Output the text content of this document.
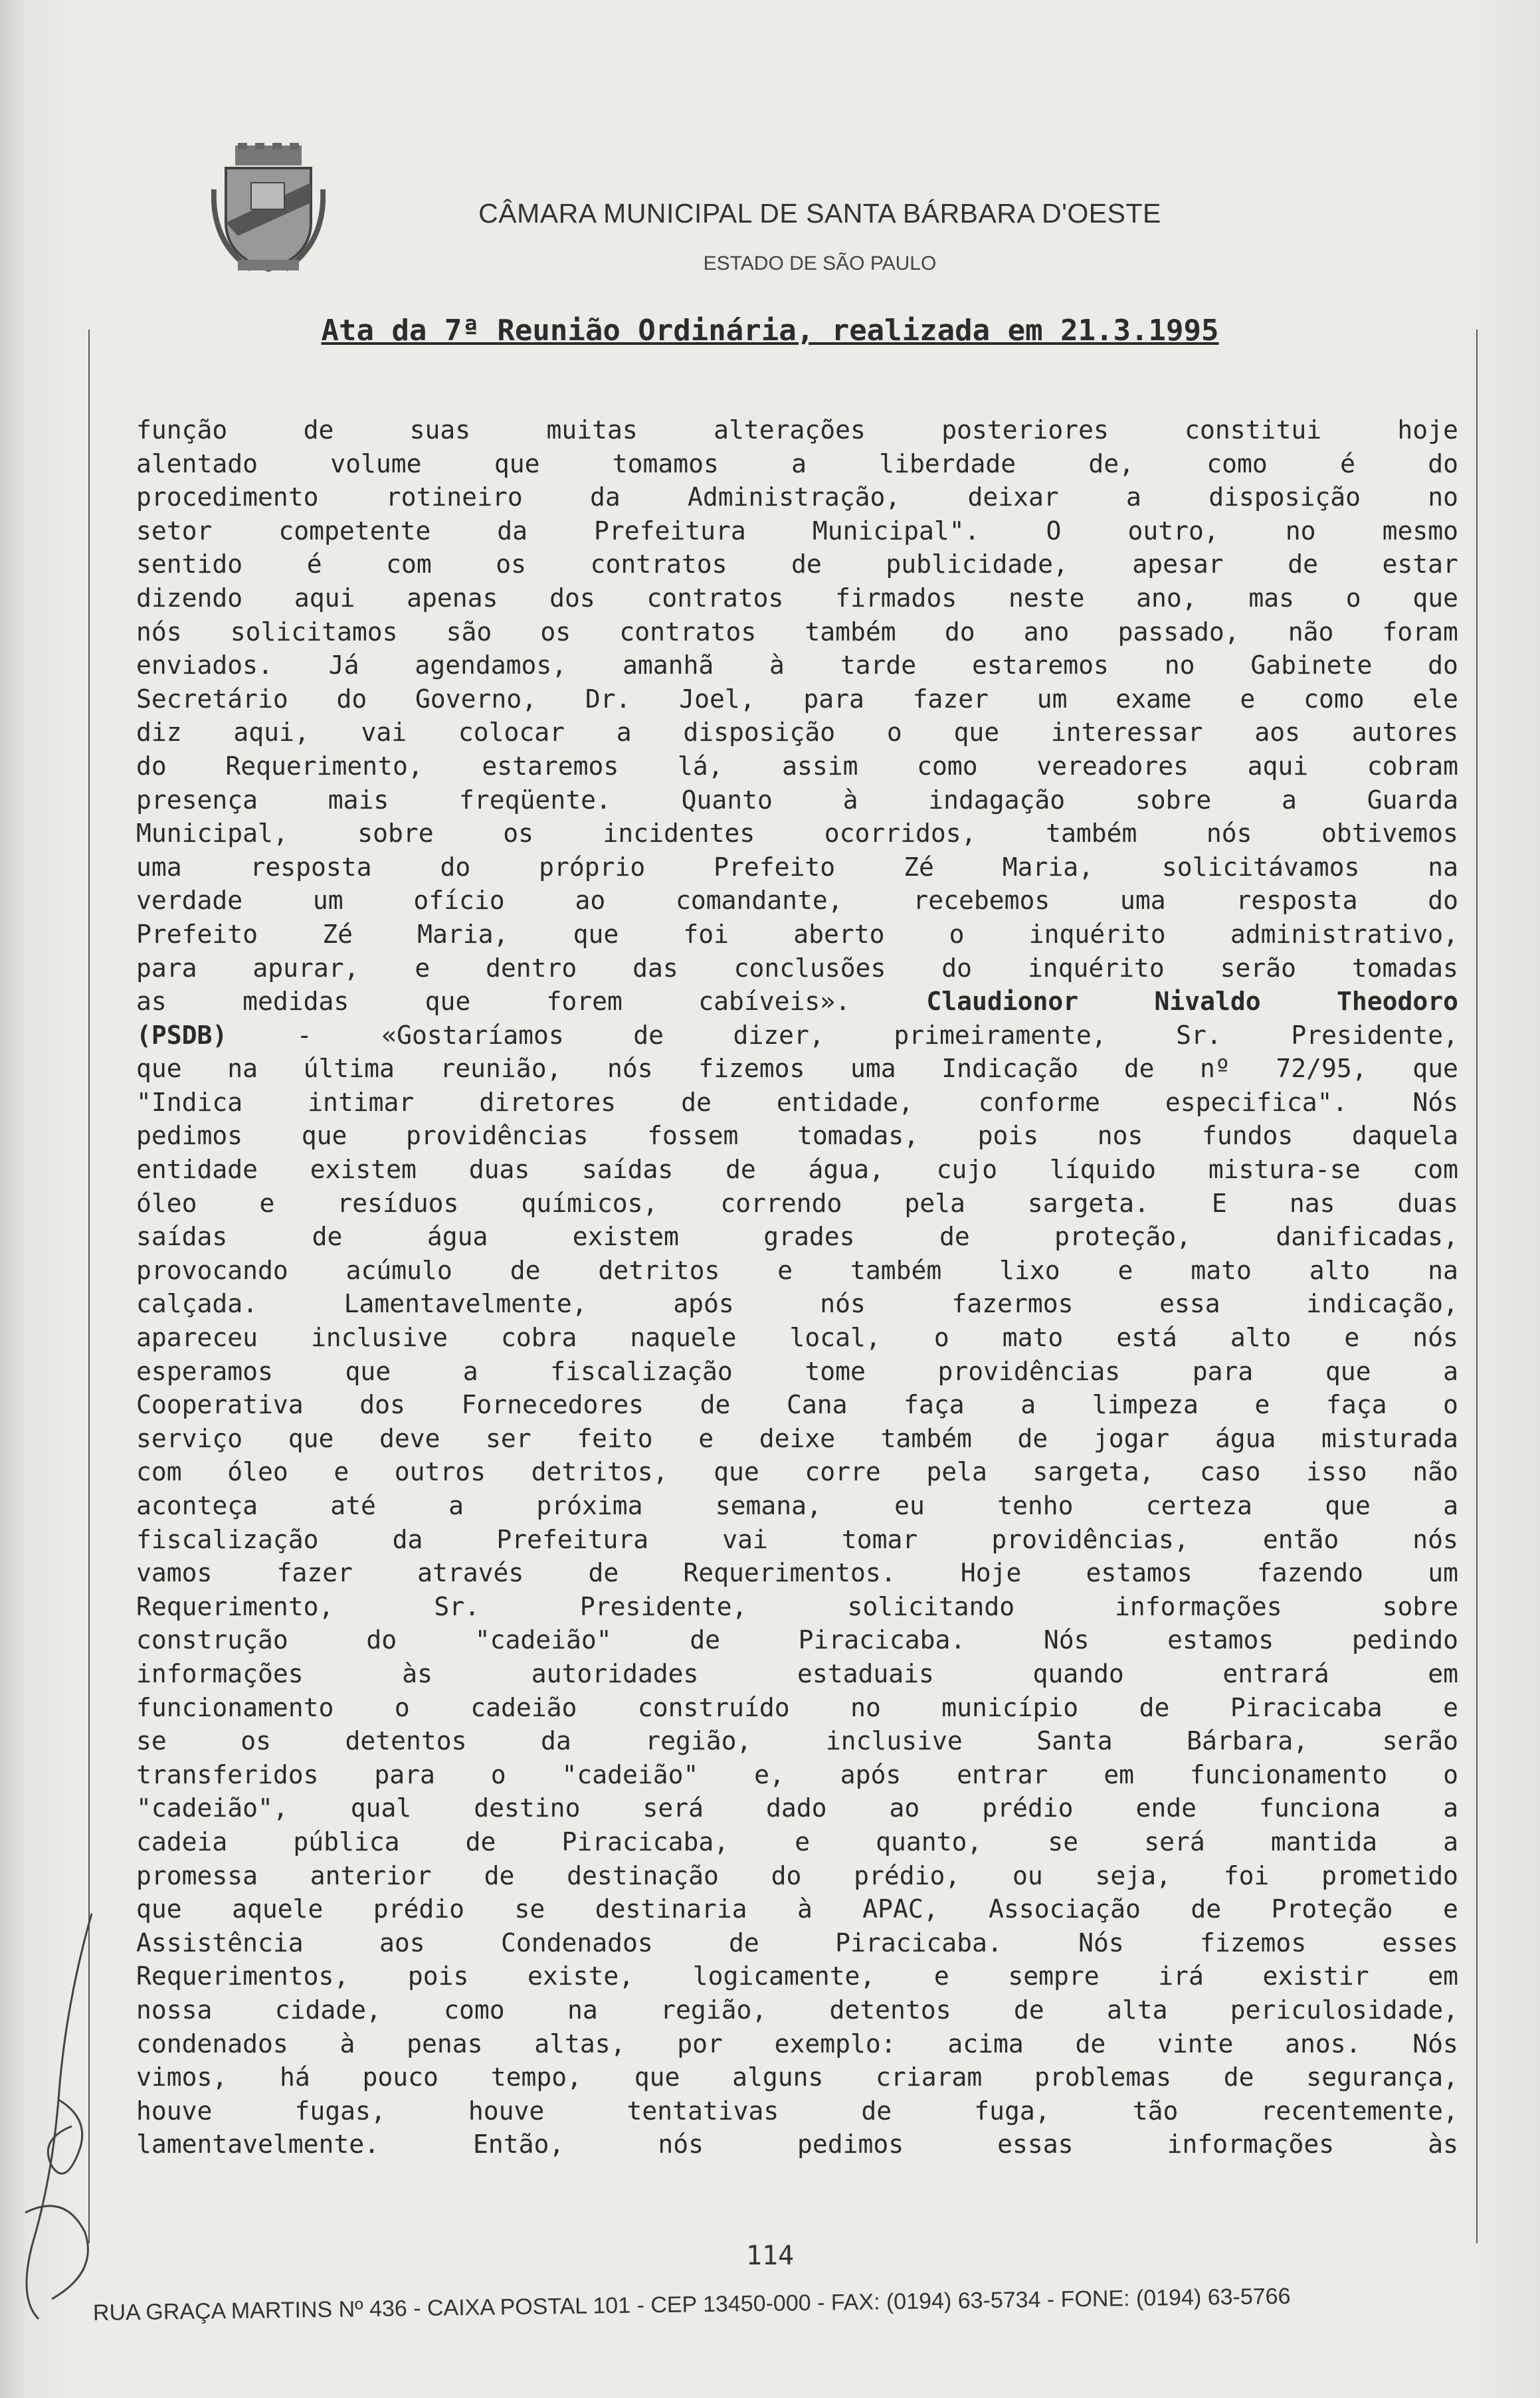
CÂMARA MUNICIPAL DE SANTA BÁRBARA D'OESTE
ESTADO DE SÃO PAULO
Ata da 7ª Reunião Ordinária, realizada em 21.3.1995
função	de	suas	muitas	alterações	posteriores	constitui	hoje
alentado	volume	que	tomamos	a	liberdade	de,	como	é	do
procedimento	rotineiro	da	Administração,	deixar	a	disposição	no
setor	competente	da	Prefeitura	Municipal".	O	outro,	no	mesmo
sentido	é	com	os	contratos	de	publicidade,	apesar	de	estar
dizendo aqui apenas dos contratos firmados neste ano, mas o que
nós solicitamos são os contratos também do ano passado, não foram
enviados. Já agendamos, amanhã à tarde estaremos no Gabinete do
Secretário do Governo, Dr. Joel, para fazer um exame e como ele
diz aqui, vai colocar a disposição o que interessar aos autores
do Requerimento, estaremos lá, assim como vereadores aqui cobram
presença	mais	freqüente.	Quanto	à	indagação	sobre	a	Guarda
Municipal,	sobre	os	incidentes	ocorridos,	também	nós	obtivemos
uma	resposta	do	próprio	Prefeito	Zé	Maria,	solicitávamos	na
verdade	um	ofício	ao	comandante,	recebemos	uma	resposta	do
Prefeito	Zé	Maria,	que	foi	aberto	o	inquérito	administrativo,
para apurar, e dentro das conclusões do inquérito serão tomadas
as	medidas	que	forem	cabíveis».	Claudionor	Nivaldo	Theodoro
(PSDB)	-	«Gostaríamos	de	dizer,	primeiramente,	Sr.	Presidente,
que na última reunião, nós fizemos uma Indicação de nº 72/95, que
"Indica	intimar	diretores	de	entidade,	conforme	especifica".	Nós
pedimos que providências fossem tomadas, pois nos fundos daquela
entidade existem duas saídas de água, cujo líquido mistura-se com
óleo e resíduos químicos, correndo pela sargeta. E nas duas
saídas	de	água	existem	grades	de	proteção,	danificadas,
provocando acúmulo de detritos e também lixo e mato alto na
calçada.	Lamentavelmente,	após	nós	fazermos	essa	indicação,
apareceu inclusive cobra naquele local, o mato está alto e nós
esperamos	que	a	fiscalização	tome	providências	para	que	a
Cooperativa dos Fornecedores de Cana faça a limpeza e faça o
serviço que deve ser feito e deixe também de jogar água misturada
com óleo e outros detritos, que corre pela sargeta, caso isso não
aconteça	até	a	próxima	semana,	eu	tenho	certeza	que	a
fiscalização	da	Prefeitura	vai	tomar	providências,	então	nós
vamos	fazer	através	de	Requerimentos.	Hoje	estamos	fazendo	um
Requerimento,	Sr.	Presidente,	solicitando	informações	sobre
construção	do	"cadeião"	de	Piracicaba.	Nós	estamos	pedindo
informações	às	autoridades	estaduais	quando	entrará	em
funcionamento o cadeião construído no município de Piracicaba e
se	os	detentos	da	região,	inclusive	Santa	Bárbara,	serão
transferidos para o "cadeião" e, após entrar em funcionamento o
"cadeião", qual destino será dado ao prédio ende funciona a
cadeia	pública	de	Piracicaba,	e	quanto,	se	será	mantida	a
promessa anterior de destinação do prédio, ou seja, foi prometido
que aquele prédio se destinaria à APAC, Associação de Proteção e
Assistência	aos	Condenados	de	Piracicaba.	Nós	fizemos	esses
Requerimentos, pois existe, logicamente, e sempre irá existir em
nossa cidade, como na região, detentos de alta periculosidade,
condenados à penas altas, por exemplo: acima de vinte anos. Nós
vimos, há pouco tempo, que alguns criaram problemas de segurança,
houve	fugas,	houve	tentativas	de	fuga,	tão	recentemente,
lamentavelmente.	Então,	nós	pedimos	essas	informações	às
114
RUA GRAÇA MARTINS Nº 436 - CAIXA POSTAL 101 - CEP 13450-000 - FAX: (0194) 63-5734 - FONE: (0194) 63-5766
